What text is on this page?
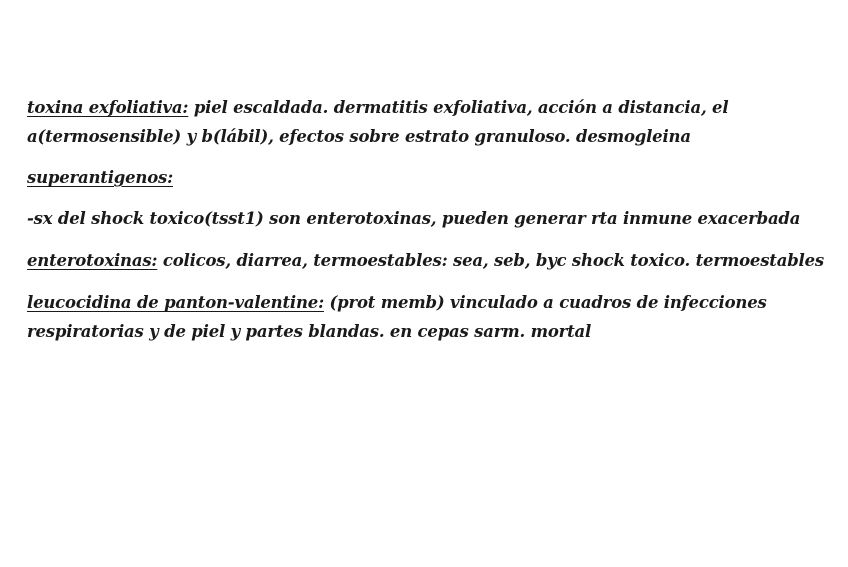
toxina exfoliativa: piel escaldada. dermatitis exfoliativa, acción a distancia, el a(termosensible) y b(lábil), efectos sobre estrato granuloso. desmogleina

superantigenos:

-sx del shock toxico(tsst1) son enterotoxinas, pueden generar rta inmune exacerbada

enterotoxinas: colicos, diarrea, termoestables: sea, seb, byc shock toxico. termoestables

leucocidina de panton-valentine: (prot memb) vinculado a cuadros de infecciones respiratorias y de piel y partes blandas. en cepas sarm. mortal
